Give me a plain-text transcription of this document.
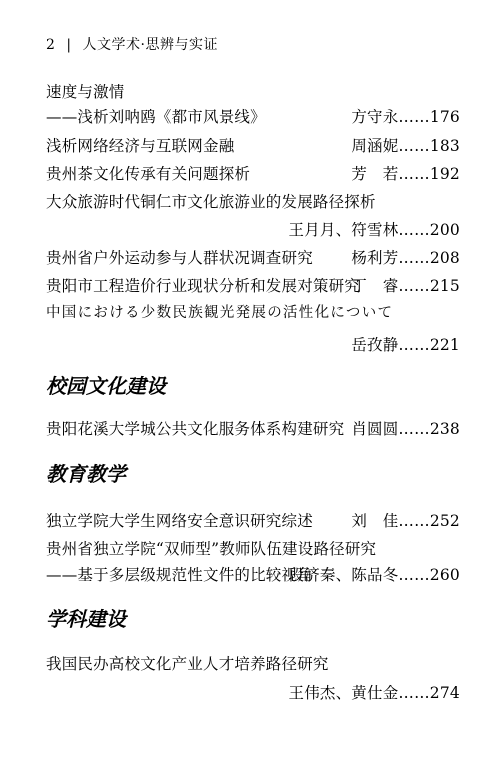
2 | 人文学术·思辨与实证
速度与激情
——浅析刘呐鸥《都市风景线》	方守永……176
浅析网络经济与互联网金融	周涵妮……183
贵州茶文化传承有关问题探析	芳　若……192
大众旅游时代铜仁市文化旅游业的发展路径探析
王月月、符雪林……200
贵州省户外运动参与人群状况调查研究 杨利芳……208
贵阳市工程造价行业现状分析和发展对策研究
丁　睿……215
中国における少数民族観光発展の活性化について
岳孜静……221
校园文化建设
贵阳花溪大学城公共文化服务体系构建研究 肖圆圆……238
教育教学
独立学院大学生网络安全意识研究综述 刘　佳……252
贵州省独立学院“双师型”教师队伍建设路径研究
——基于多层级规范性文件的比较视角
段济秦、陈品冬……260
学科建设
我国民办高校文化产业人才培养路径研究
王伟杰、黄仕金……274
